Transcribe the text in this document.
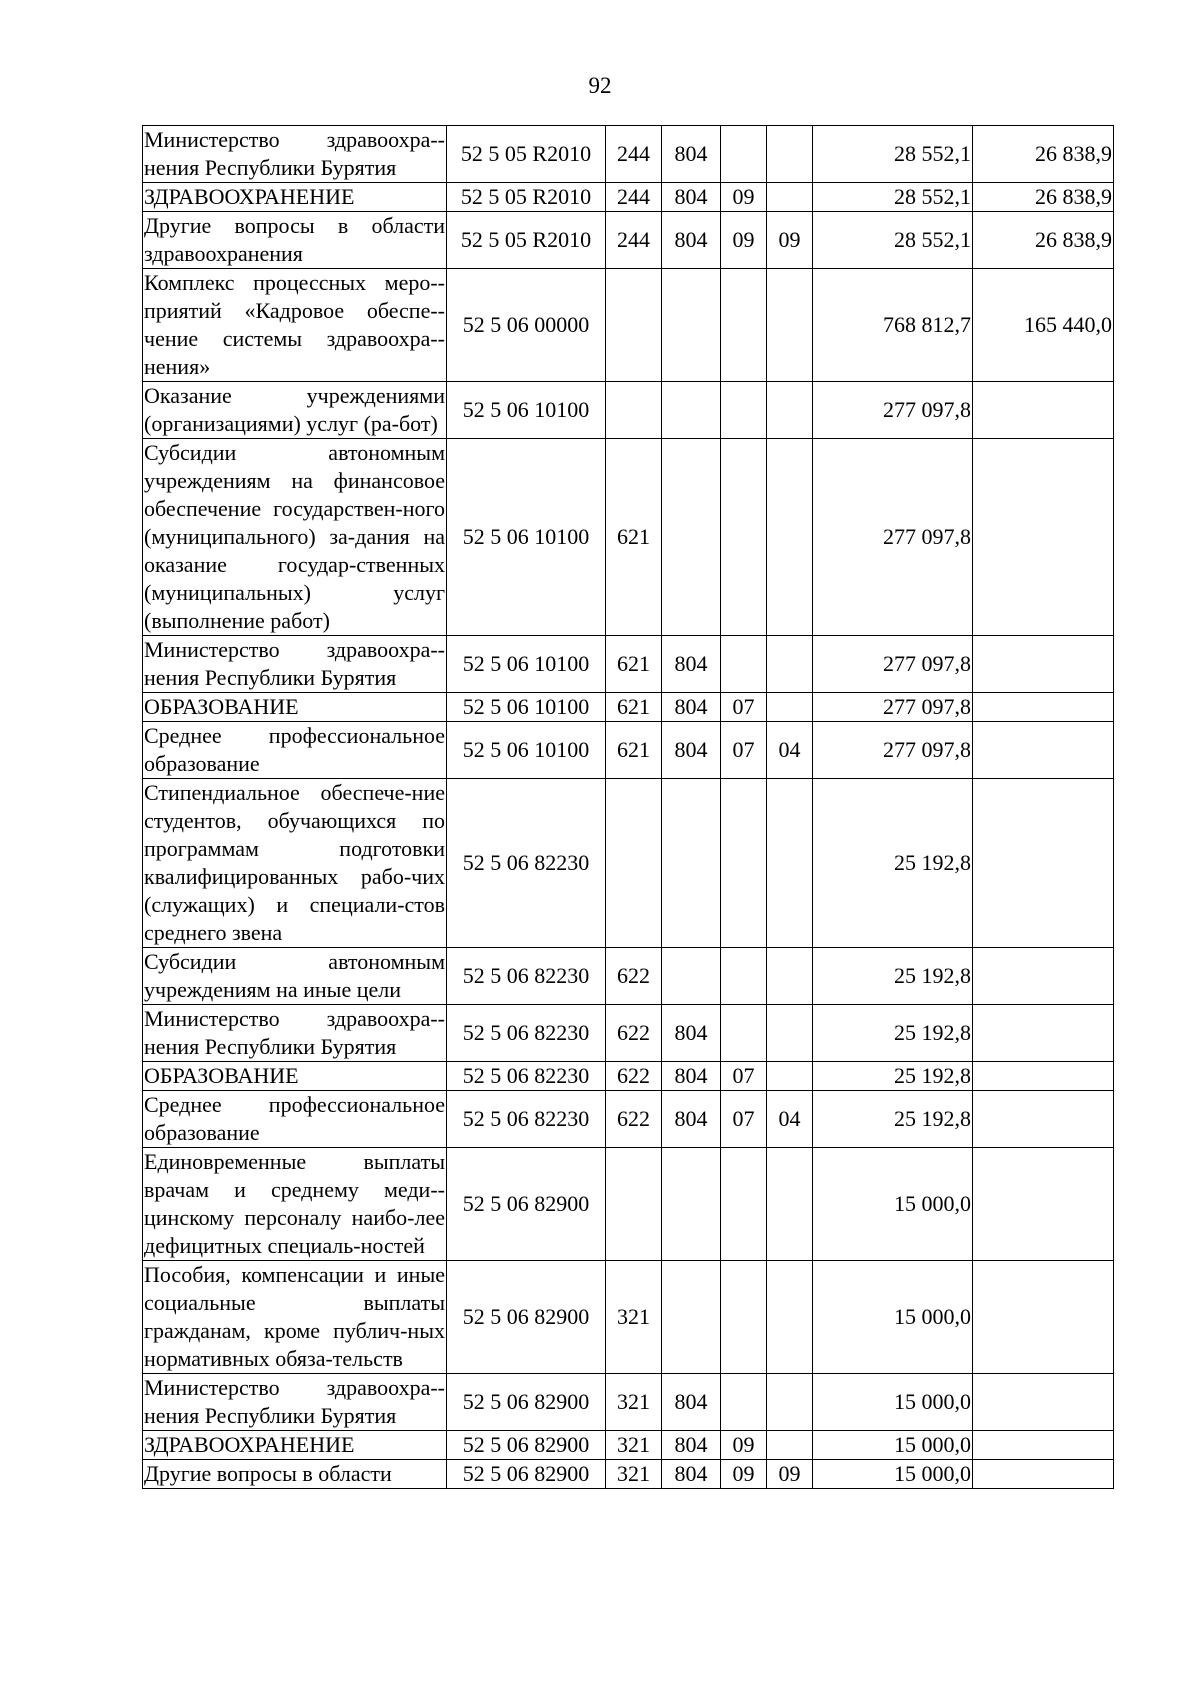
92
Министерство здравоохра-нения Республики Бурятия	52 5 05 R2010	244	804			28 552,1	26 838,9
ЗДРАВООХРАНЕНИЕ	52 5 05 R2010	244	804	09		28 552,1	26 838,9
Другие вопросы в области здравоохранения	52 5 05 R2010	244	804	09	09	28 552,1	26 838,9
Комплекс процессных меро-приятий «Кадровое обеспе-чение системы здравоохра-нения»	52 5 06 00000					768 812,7	165 440,0
Оказание учреждениями (организациями) услуг (ра-бот)	52 5 06 10100					277 097,8	
Субсидии автономным учреждениям на финансовое обеспечение государствен-ного (муниципального) за-дания на оказание государ-ственных (муниципальных) услуг (выполнение работ)	52 5 06 10100	621				277 097,8	
Министерство здравоохра-нения Республики Бурятия	52 5 06 10100	621	804			277 097,8	
ОБРАЗОВАНИЕ	52 5 06 10100	621	804	07		277 097,8	
Среднее профессиональное образование	52 5 06 10100	621	804	07	04	277 097,8	
Стипендиальное обеспече-ние студентов, обучающихся по программам подготовки квалифицированных рабо-чих (служащих) и специали-стов среднего звена	52 5 06 82230					25 192,8	
Субсидии автономным учреждениям на иные цели	52 5 06 82230	622				25 192,8	
Министерство здравоохра-нения Республики Бурятия	52 5 06 82230	622	804			25 192,8	
ОБРАЗОВАНИЕ	52 5 06 82230	622	804	07		25 192,8	
Среднее профессиональное образование	52 5 06 82230	622	804	07	04	25 192,8	
Единовременные выплаты врачам и среднему меди-цинскому персоналу наибо-лее дефицитных специаль-ностей	52 5 06 82900					15 000,0	
Пособия, компенсации и иные социальные выплаты гражданам, кроме публич-ных нормативных обяза-тельств	52 5 06 82900	321				15 000,0	
Министерство здравоохра-нения Республики Бурятия	52 5 06 82900	321	804			15 000,0	
ЗДРАВООХРАНЕНИЕ	52 5 06 82900	321	804	09		15 000,0	
Другие вопросы в области	52 5 06 82900	321	804	09	09	15 000,0	
